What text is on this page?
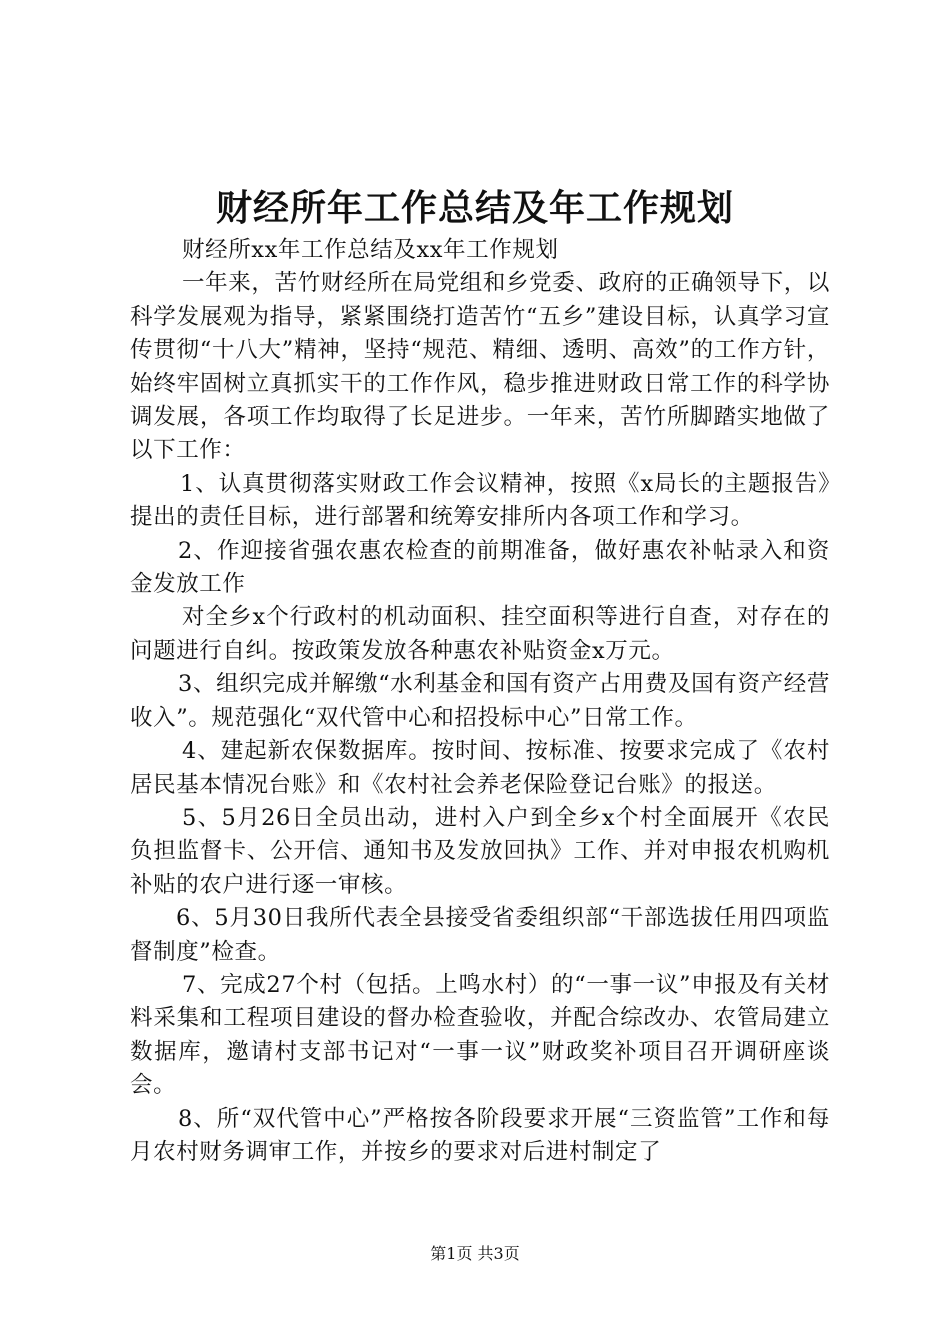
财经所年工作总结及年工作规划

财经所xx年工作总结及xx年工作规划

一年来，苦竹财经所在局党组和乡党委、政府的正确领导下，以科学发展观为指导，紧紧围绕打造苦竹“五乡”建设目标，认真学习宣传贯彻“十八大”精神，坚持“规范、精细、透明、高效”的工作方针，始终牢固树立真抓实干的工作作风，稳步推进财政日常工作的科学协调发展，各项工作均取得了长足进步。一年来，苦竹所脚踏实地做了以下工作：

1、认真贯彻落实财政工作会议精神，按照《x局长的主题报告》提出的责任目标，进行部署和统筹安排所内各项工作和学习。

2、作迎接省强农惠农检查的前期准备，做好惠农补帖录入和资金发放工作

对全乡x个行政村的机动面积、挂空面积等进行自查，对存在的问题进行自纠。按政策发放各种惠农补贴资金x万元。

3、组织完成并解缴“水利基金和国有资产占用费及国有资产经营收入”。规范强化“双代管中心和招投标中心”日常工作。

4、建起新农保数据库。按时间、按标准、按要求完成了《农村居民基本情况台账》和《农村社会养老保险登记台账》的报送。

5、5月26日全员出动，进村入户到全乡x个村全面展开《农民负担监督卡、公开信、通知书及发放回执》工作、并对申报农机购机补贴的农户进行逐一审核。

6、5月30日我所代表全县接受省委组织部“干部选拔任用四项监督制度”检查。

7、完成27个村（包括。上鸣水村）的“一事一议”申报及有关材料采集和工程项目建设的督办检查验收，并配合综改办、农管局建立数据库，邀请村支部书记对“一事一议”财政奖补项目召开调研座谈会。

8、所“双代管中心”严格按各阶段要求开展“三资监管”工作和每月农村财务调审工作，并按乡的要求对后进村制定了

第1页 共3页
